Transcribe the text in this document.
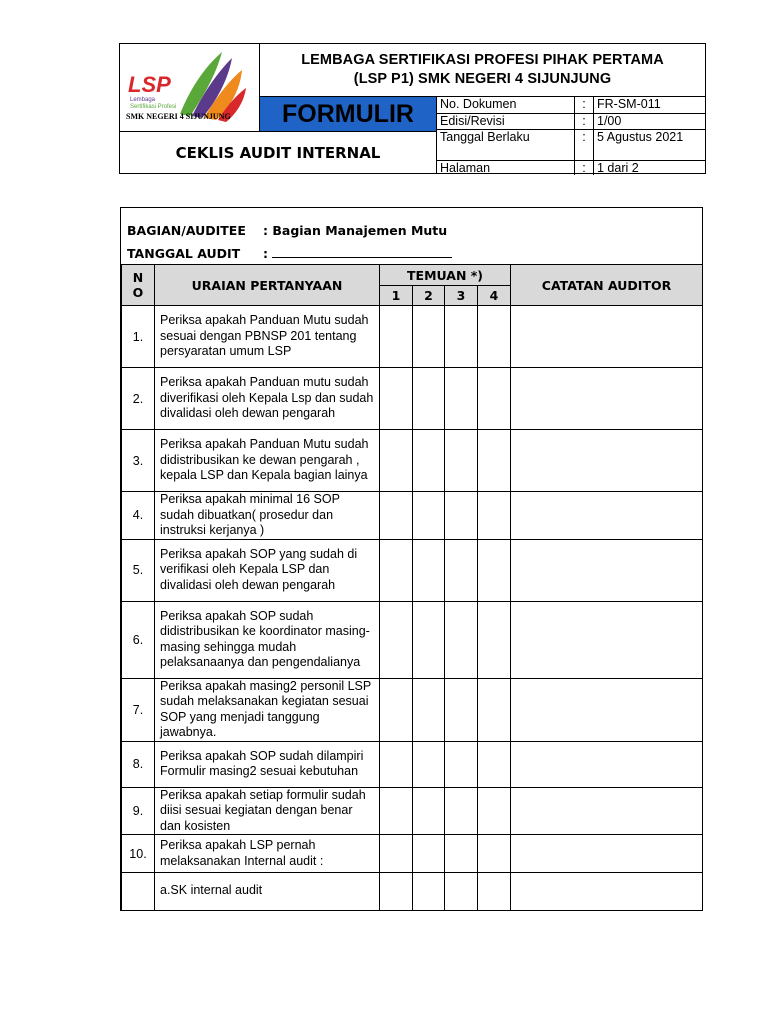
LSP
Lembaga
Sertifikasi Profesi
SMK NEGERI 4 SIJUNJUNG
LEMBAGA SERTIFIKASI PROFESI PIHAK PERTAMA
(LSP P1) SMK NEGERI 4 SIJUNJUNG
FORMULIR
CEKLIS AUDIT INTERNAL
No. Dokumen	:	FR-SM-011
Edisi/Revisi	:	1/00
Tanggal Berlaku	:	5 Agustus 2021
Halaman	:	1 dari 2
BAGIAN/AUDITEE : Bagian Manajemen Mutu
TANGGAL AUDIT :
N
O	URAIAN PERTANYAAN	TEMUAN *)				CATATAN AUDITOR
		1	2	3	4	
1.	Periksa apakah Panduan Mutu sudah sesuai dengan PBNSP 201 tentang persyaratan umum LSP					
2.	Periksa apakah Panduan mutu sudah diverifikasi oleh Kepala Lsp dan sudah divalidasi oleh dewan pengarah					
3.	Periksa apakah Panduan Mutu sudah didistribusikan ke dewan pengarah , kepala LSP dan Kepala bagian lainya					
4.	Periksa apakah minimal 16 SOP sudah dibuatkan( prosedur dan instruksi kerjanya )					
5.	Periksa apakah SOP yang sudah di verifikasi oleh Kepala LSP dan divalidasi oleh dewan pengarah					
6.	Periksa apakah SOP sudah didistribusikan ke koordinator masing-masing sehingga mudah pelaksanaanya dan pengendalianya					
7.	Periksa apakah masing2 personil LSP sudah melaksanakan kegiatan sesuai SOP yang menjadi tanggung jawabnya.					
8.	Periksa apakah SOP sudah dilampiri Formulir masing2 sesuai kebutuhan					
9.	Periksa apakah setiap formulir sudah diisi sesuai kegiatan dengan benar dan kosisten					
10.	Periksa apakah LSP pernah melaksanakan Internal audit :					
	a.SK internal audit					
